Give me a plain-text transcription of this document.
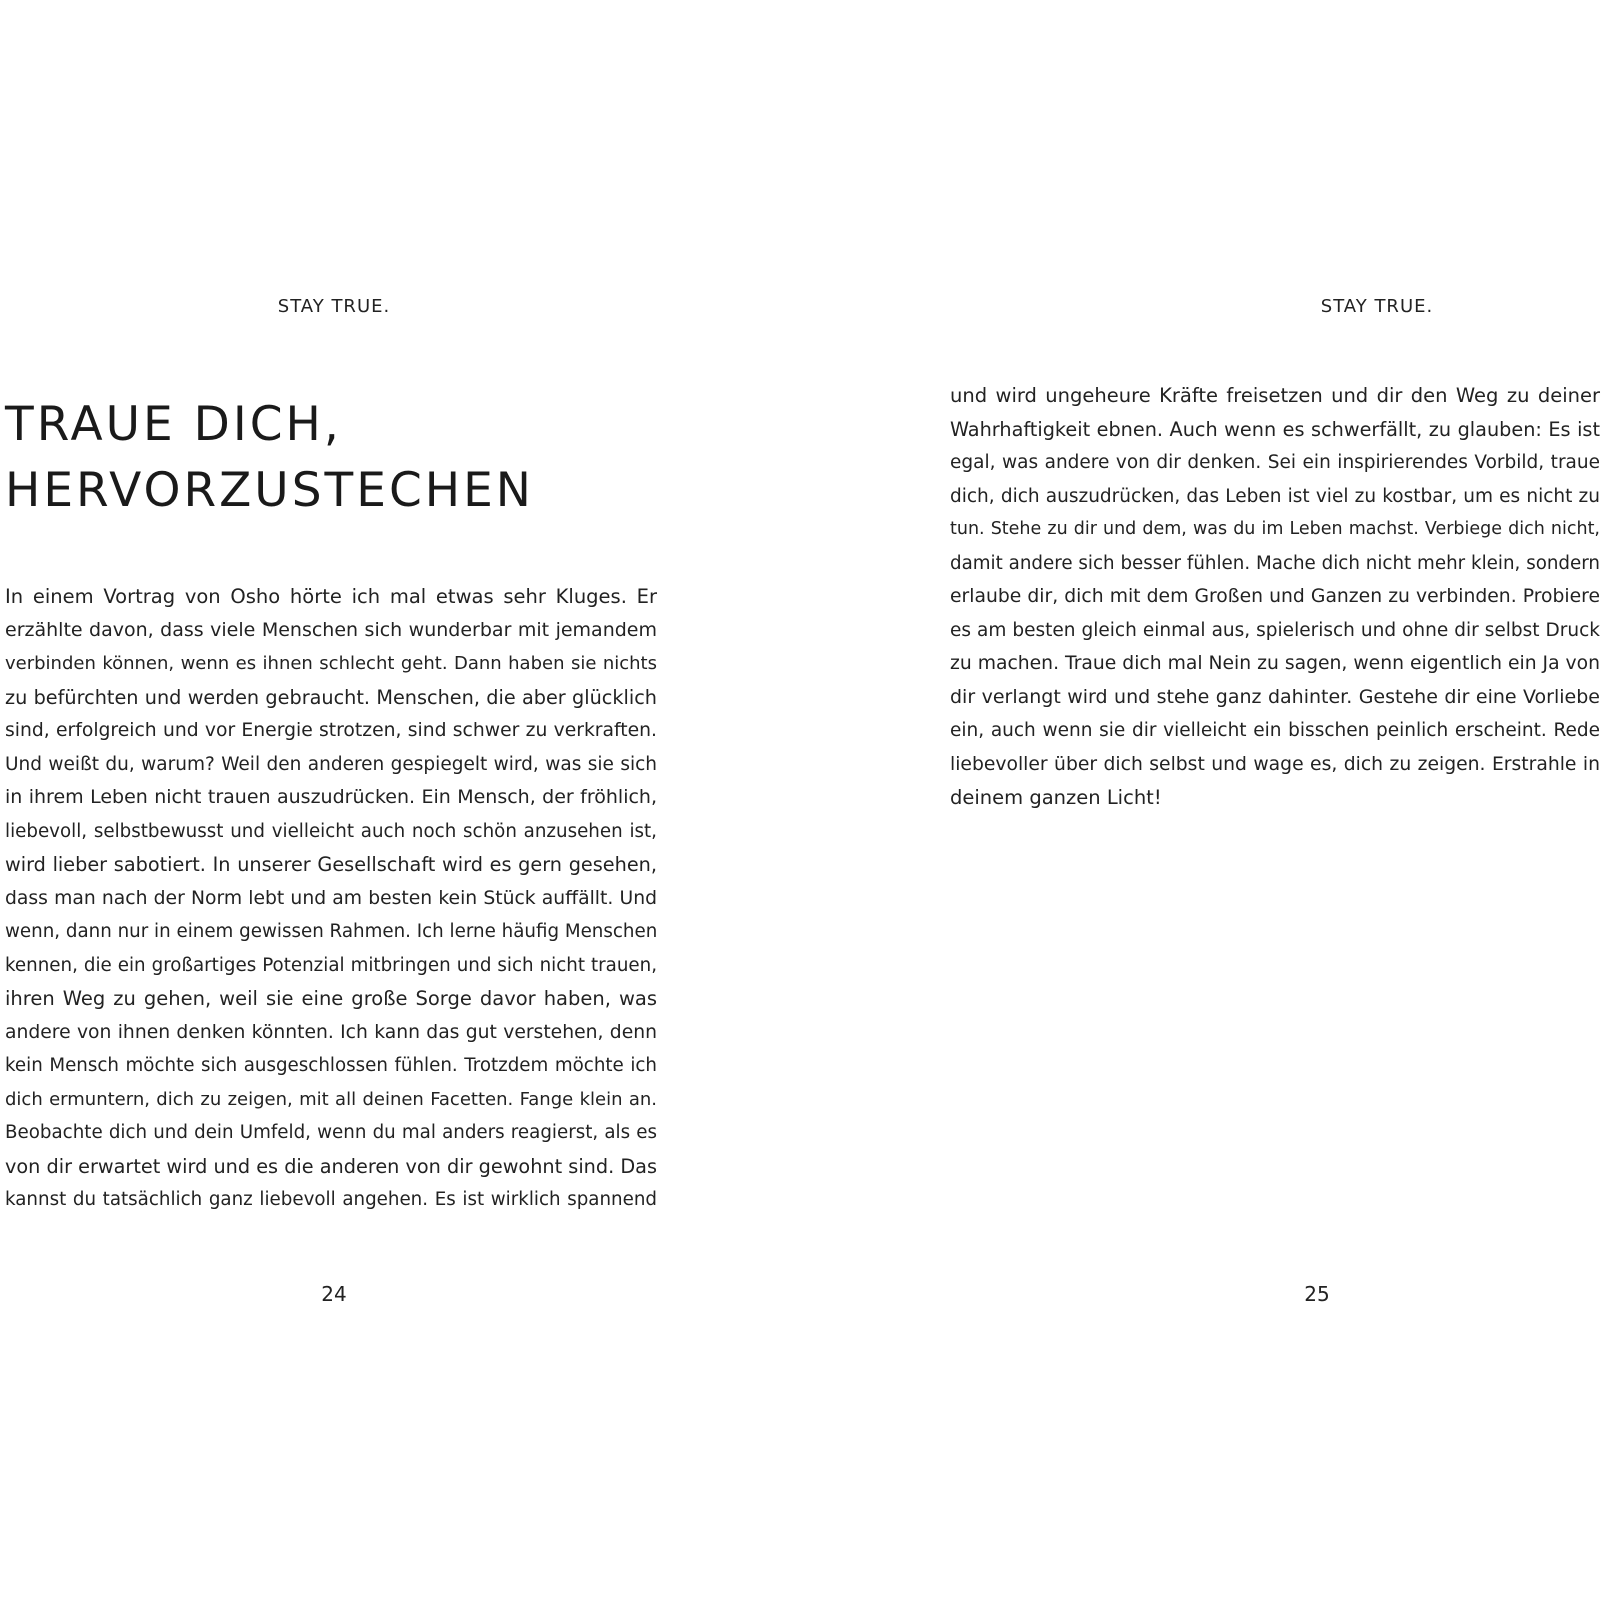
STAY TRUE.
TRAUE DICH,
HERVORZUSTECHEN
In einem Vortrag von Osho hörte ich mal etwas sehr Kluges. Er
erzählte davon, dass viele Menschen sich wunderbar mit jemandem
verbinden können, wenn es ihnen schlecht geht. Dann haben sie nichts
zu befürchten und werden gebraucht. Menschen, die aber glücklich
sind, erfolgreich und vor Energie strotzen, sind schwer zu verkraften.
Und weißt du, warum? Weil den anderen gespiegelt wird, was sie sich
in ihrem Leben nicht trauen auszudrücken. Ein Mensch, der fröhlich,
liebevoll, selbstbewusst und vielleicht auch noch schön anzusehen ist,
wird lieber sabotiert. In unserer Gesellschaft wird es gern gesehen,
dass man nach der Norm lebt und am besten kein Stück auffällt. Und
wenn, dann nur in einem gewissen Rahmen. Ich lerne häufig Menschen
kennen, die ein großartiges Potenzial mitbringen und sich nicht trauen,
ihren Weg zu gehen, weil sie eine große Sorge davor haben, was
andere von ihnen denken könnten. Ich kann das gut verstehen, denn
kein Mensch möchte sich ausgeschlossen fühlen. Trotzdem möchte ich
dich ermuntern, dich zu zeigen, mit all deinen Facetten. Fange klein an.
Beobachte dich und dein Umfeld, wenn du mal anders reagierst, als es
von dir erwartet wird und es die anderen von dir gewohnt sind. Das
kannst du tatsächlich ganz liebevoll angehen. Es ist wirklich spannend
24
STAY TRUE.
und wird ungeheure Kräfte freisetzen und dir den Weg zu deiner
Wahrhaftigkeit ebnen. Auch wenn es schwerfällt, zu glauben: Es ist
egal, was andere von dir denken. Sei ein inspirierendes Vorbild, traue
dich, dich auszudrücken, das Leben ist viel zu kostbar, um es nicht zu
tun. Stehe zu dir und dem, was du im Leben machst. Verbiege dich nicht,
damit andere sich besser fühlen. Mache dich nicht mehr klein, sondern
erlaube dir, dich mit dem Großen und Ganzen zu verbinden. Probiere
es am besten gleich einmal aus, spielerisch und ohne dir selbst Druck
zu machen. Traue dich mal Nein zu sagen, wenn eigentlich ein Ja von
dir verlangt wird und stehe ganz dahinter. Gestehe dir eine Vorliebe
ein, auch wenn sie dir vielleicht ein bisschen peinlich erscheint. Rede
liebevoller über dich selbst und wage es, dich zu zeigen. Erstrahle in
deinem ganzen Licht!
25
